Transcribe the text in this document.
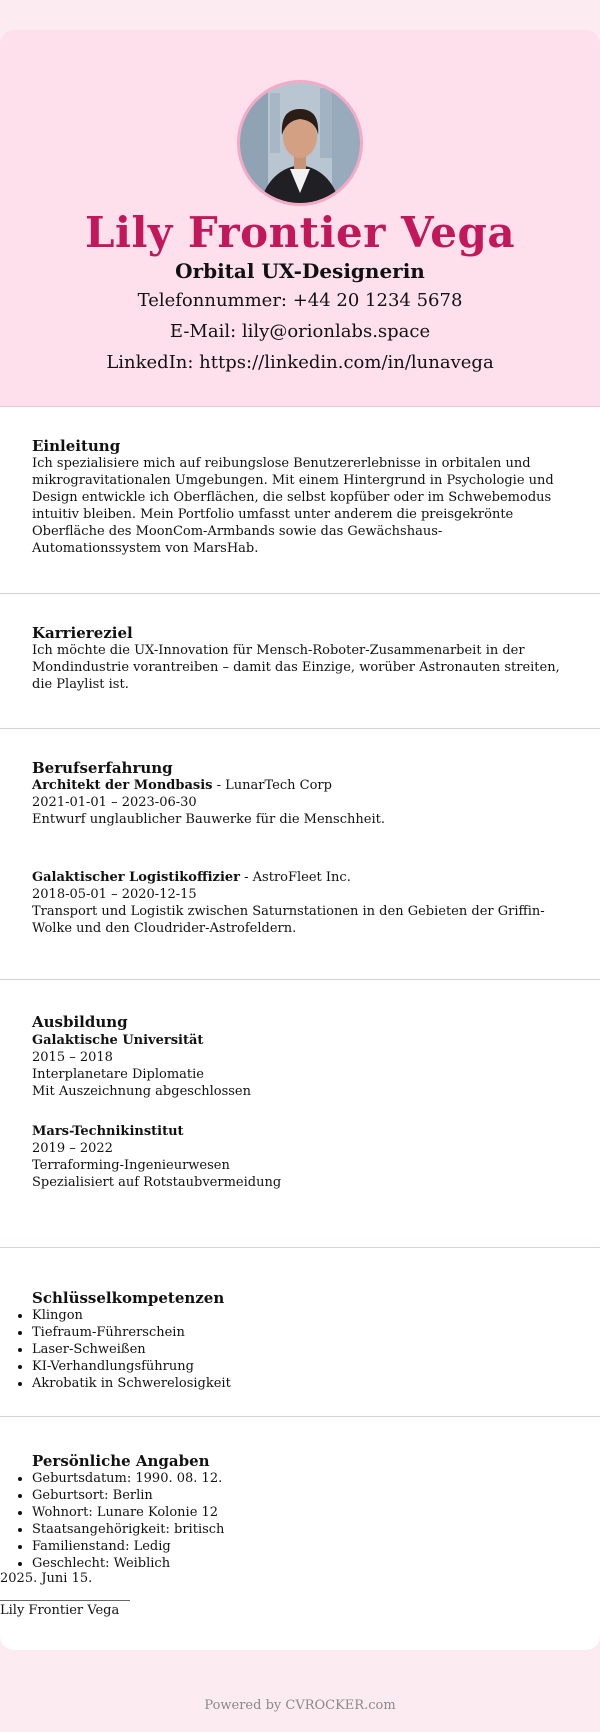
Lily Frontier Vega
Orbital UX-Designerin
Telefonnummer: +44 20 1234 5678
E-Mail: lily@orionlabs.space
LinkedIn: https://linkedin.com/in/lunavega
Einleitung
Ich spezialisiere mich auf reibungslose Benutzererlebnisse in orbitalen und mikrogravitationalen Umgebungen. Mit einem Hintergrund in Psychologie und Design entwickle ich Oberflächen, die selbst kopfüber oder im Schwebemodus intuitiv bleiben. Mein Portfolio umfasst unter anderem die preisgekrönte Oberfläche des MoonCom-Armbands sowie das Gewächshaus-Automationssystem von MarsHab.
Karriereziel
Ich möchte die UX-Innovation für Mensch-Roboter-Zusammenarbeit in der Mondindustrie vorantreiben – damit das Einzige, worüber Astronauten streiten, die Playlist ist.
Berufserfahrung
Architekt der Mondbasis - LunarTech Corp
2021-01-01 – 2023-06-30
Entwurf unglaublicher Bauwerke für die Menschheit.
Galaktischer Logistikoffizier - AstroFleet Inc.
2018-05-01 – 2020-12-15
Transport und Logistik zwischen Saturnstationen in den Gebieten der Griffin-Wolke und den Cloudrider-Astrofeldern.
Ausbildung
Galaktische Universität
2015 – 2018
Interplanetare Diplomatie
Mit Auszeichnung abgeschlossen
Mars-Technikinstitut
2019 – 2022
Terraforming-Ingenieurwesen
Spezialisiert auf Rotstaubvermeidung
Schlüsselkompetenzen
• Klingon
• Tiefraum-Führerschein
• Laser-Schweißen
• KI-Verhandlungsführung
• Akrobatik in Schwerelosigkeit
Persönliche Angaben
• Geburtsdatum: 1990. 08. 12.
• Geburtsort: Berlin
• Wohnort: Lunare Kolonie 12
• Staatsangehörigkeit: britisch
• Familienstand: Ledig
• Geschlecht: Weiblich
2025. Juni 15.
Lily Frontier Vega
Powered by CVROCKER.com
